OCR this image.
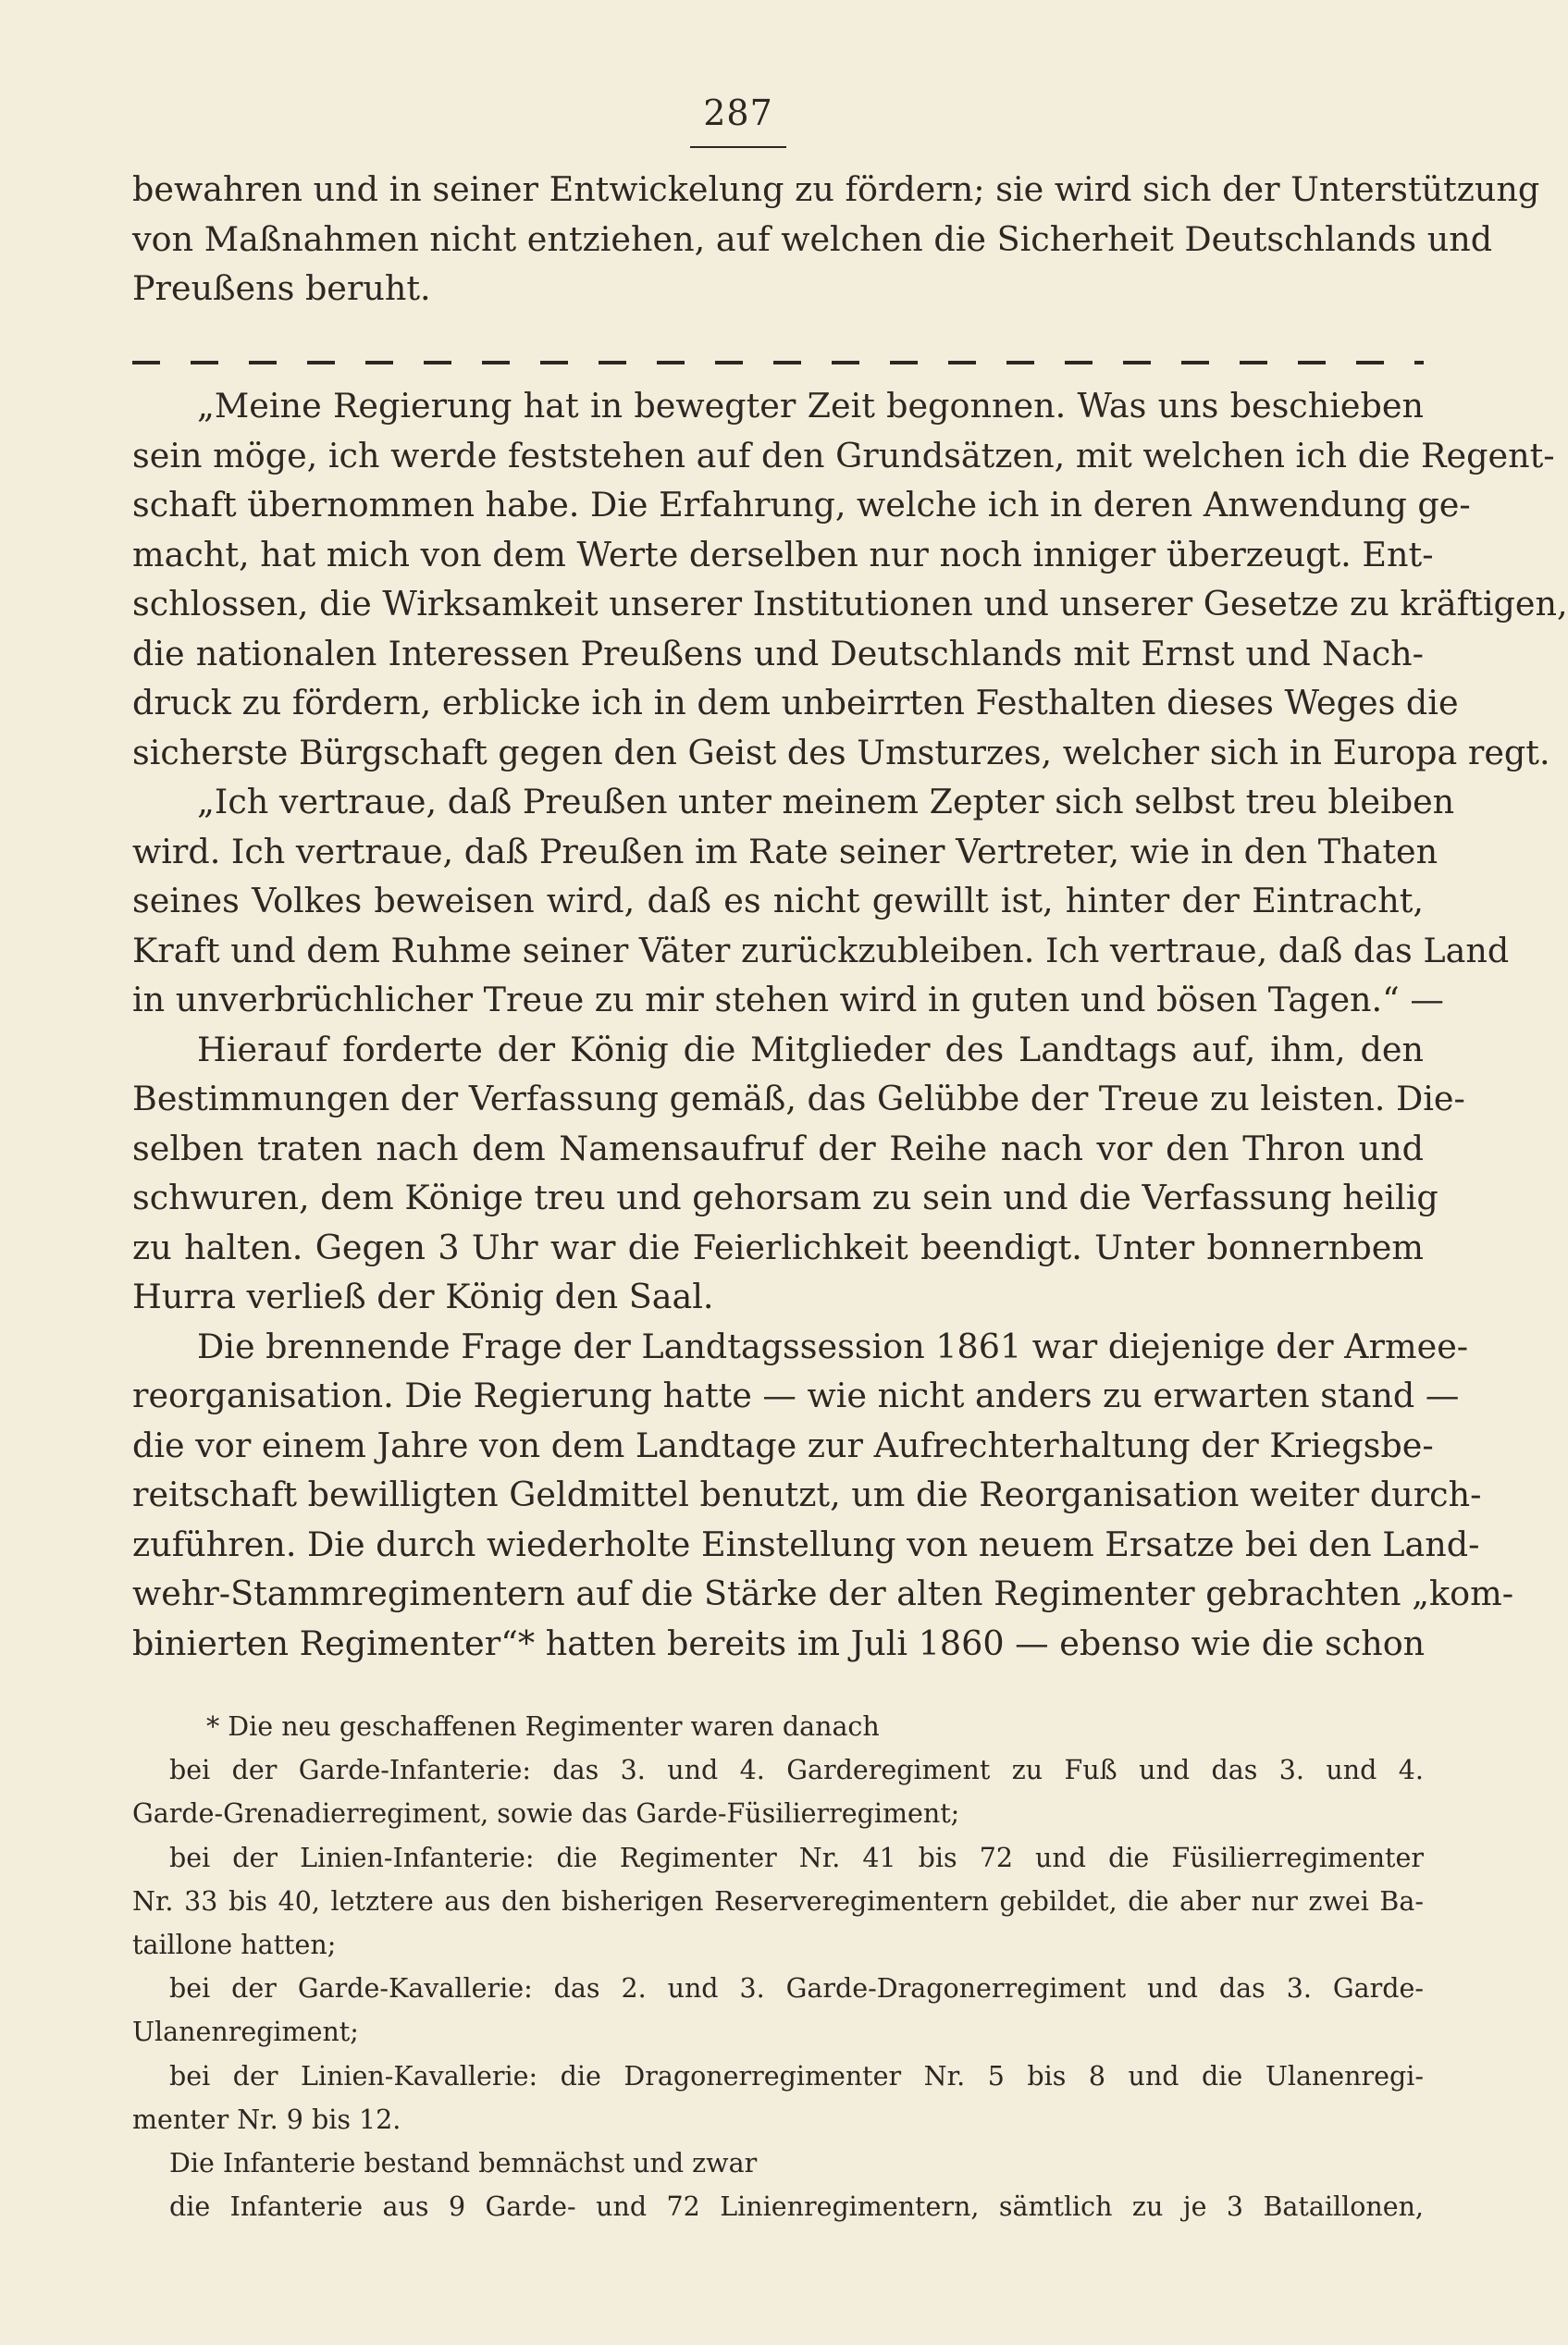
287
bewahren und in seiner Entwickelung zu fördern; sie wird sich der Unterstützung
von Maßnahmen nicht entziehen, auf welchen die Sicherheit Deutschlands und
Preußens beruht.
„Meine Regierung hat in bewegter Zeit begonnen. Was uns beschieben
sein möge, ich werde feststehen auf den Grundsätzen, mit welchen ich die Regent-
schaft übernommen habe. Die Erfahrung, welche ich in deren Anwendung ge-
macht, hat mich von dem Werte derselben nur noch inniger überzeugt. Ent-
schlossen, die Wirksamkeit unserer Institutionen und unserer Gesetze zu kräftigen,
die nationalen Interessen Preußens und Deutschlands mit Ernst und Nach-
druck zu fördern, erblicke ich in dem unbeirrten Festhalten dieses Weges die
sicherste Bürgschaft gegen den Geist des Umsturzes, welcher sich in Europa regt.
„Ich vertraue, daß Preußen unter meinem Zepter sich selbst treu bleiben
wird. Ich vertraue, daß Preußen im Rate seiner Vertreter, wie in den Thaten
seines Volkes beweisen wird, daß es nicht gewillt ist, hinter der Eintracht,
Kraft und dem Ruhme seiner Väter zurückzubleiben. Ich vertraue, daß das Land
in unverbrüchlicher Treue zu mir stehen wird in guten und bösen Tagen.“ —
Hierauf forderte der König die Mitglieder des Landtags auf, ihm, den
Bestimmungen der Verfassung gemäß, das Gelübbe der Treue zu leisten. Die-
selben traten nach dem Namensaufruf der Reihe nach vor den Thron und
schwuren, dem Könige treu und gehorsam zu sein und die Verfassung heilig
zu halten. Gegen 3 Uhr war die Feierlichkeit beendigt. Unter bonnernbem
Hurra verließ der König den Saal.
Die brennende Frage der Landtagssession 1861 war diejenige der Armee-
reorganisation. Die Regierung hatte — wie nicht anders zu erwarten stand —
die vor einem Jahre von dem Landtage zur Aufrechterhaltung der Kriegsbe-
reitschaft bewilligten Geldmittel benutzt, um die Reorganisation weiter durch-
zuführen. Die durch wiederholte Einstellung von neuem Ersatze bei den Land-
wehr-Stammregimentern auf die Stärke der alten Regimenter gebrachten „kom-
binierten Regimenter“* hatten bereits im Juli 1860 — ebenso wie die schon
* Die neu geschaffenen Regimenter waren danach
bei der Garde-Infanterie: das 3. und 4. Garderegiment zu Fuß und das 3. und 4.
Garde-Grenadierregiment, sowie das Garde-Füsilierregiment;
bei der Linien-Infanterie: die Regimenter Nr. 41 bis 72 und die Füsilierregimenter
Nr. 33 bis 40, letztere aus den bisherigen Reserveregimentern gebildet, die aber nur zwei Ba-
taillone hatten;
bei der Garde-Kavallerie: das 2. und 3. Garde-Dragonerregiment und das 3. Garde-
Ulanenregiment;
bei der Linien-Kavallerie: die Dragonerregimenter Nr. 5 bis 8 und die Ulanenregi-
menter Nr. 9 bis 12.
Die Infanterie bestand bemnächst und zwar
die Infanterie aus 9 Garde- und 72 Linienregimentern, sämtlich zu je 3 Bataillonen,
